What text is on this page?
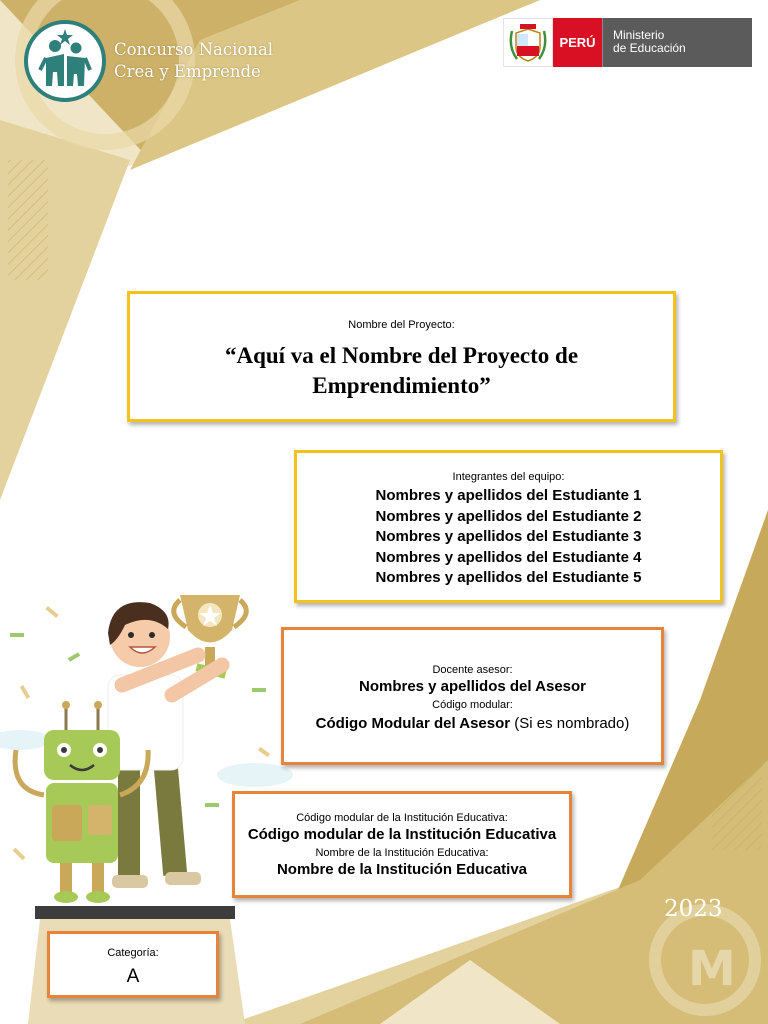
M
Concurso Nacional
Crea y Emprende
PERÚ	Ministerio
de Educación
Nombre del Proyecto:
“Aquí va el Nombre del Proyecto de
Emprendimiento”
Integrantes del equipo:
Nombres y apellidos del Estudiante 1
Nombres y apellidos del Estudiante 2
Nombres y apellidos del Estudiante 3
Nombres y apellidos del Estudiante 4
Nombres y apellidos del Estudiante 5
Docente asesor:
Nombres y apellidos del Asesor
Código modular:
Código Modular del Asesor (Si es nombrado)
Código modular de la Institución Educativa:
Código modular de la Institución Educativa
Nombre de la Institución Educativa:
Nombre de la Institución Educativa
Categoría:
A
2023
